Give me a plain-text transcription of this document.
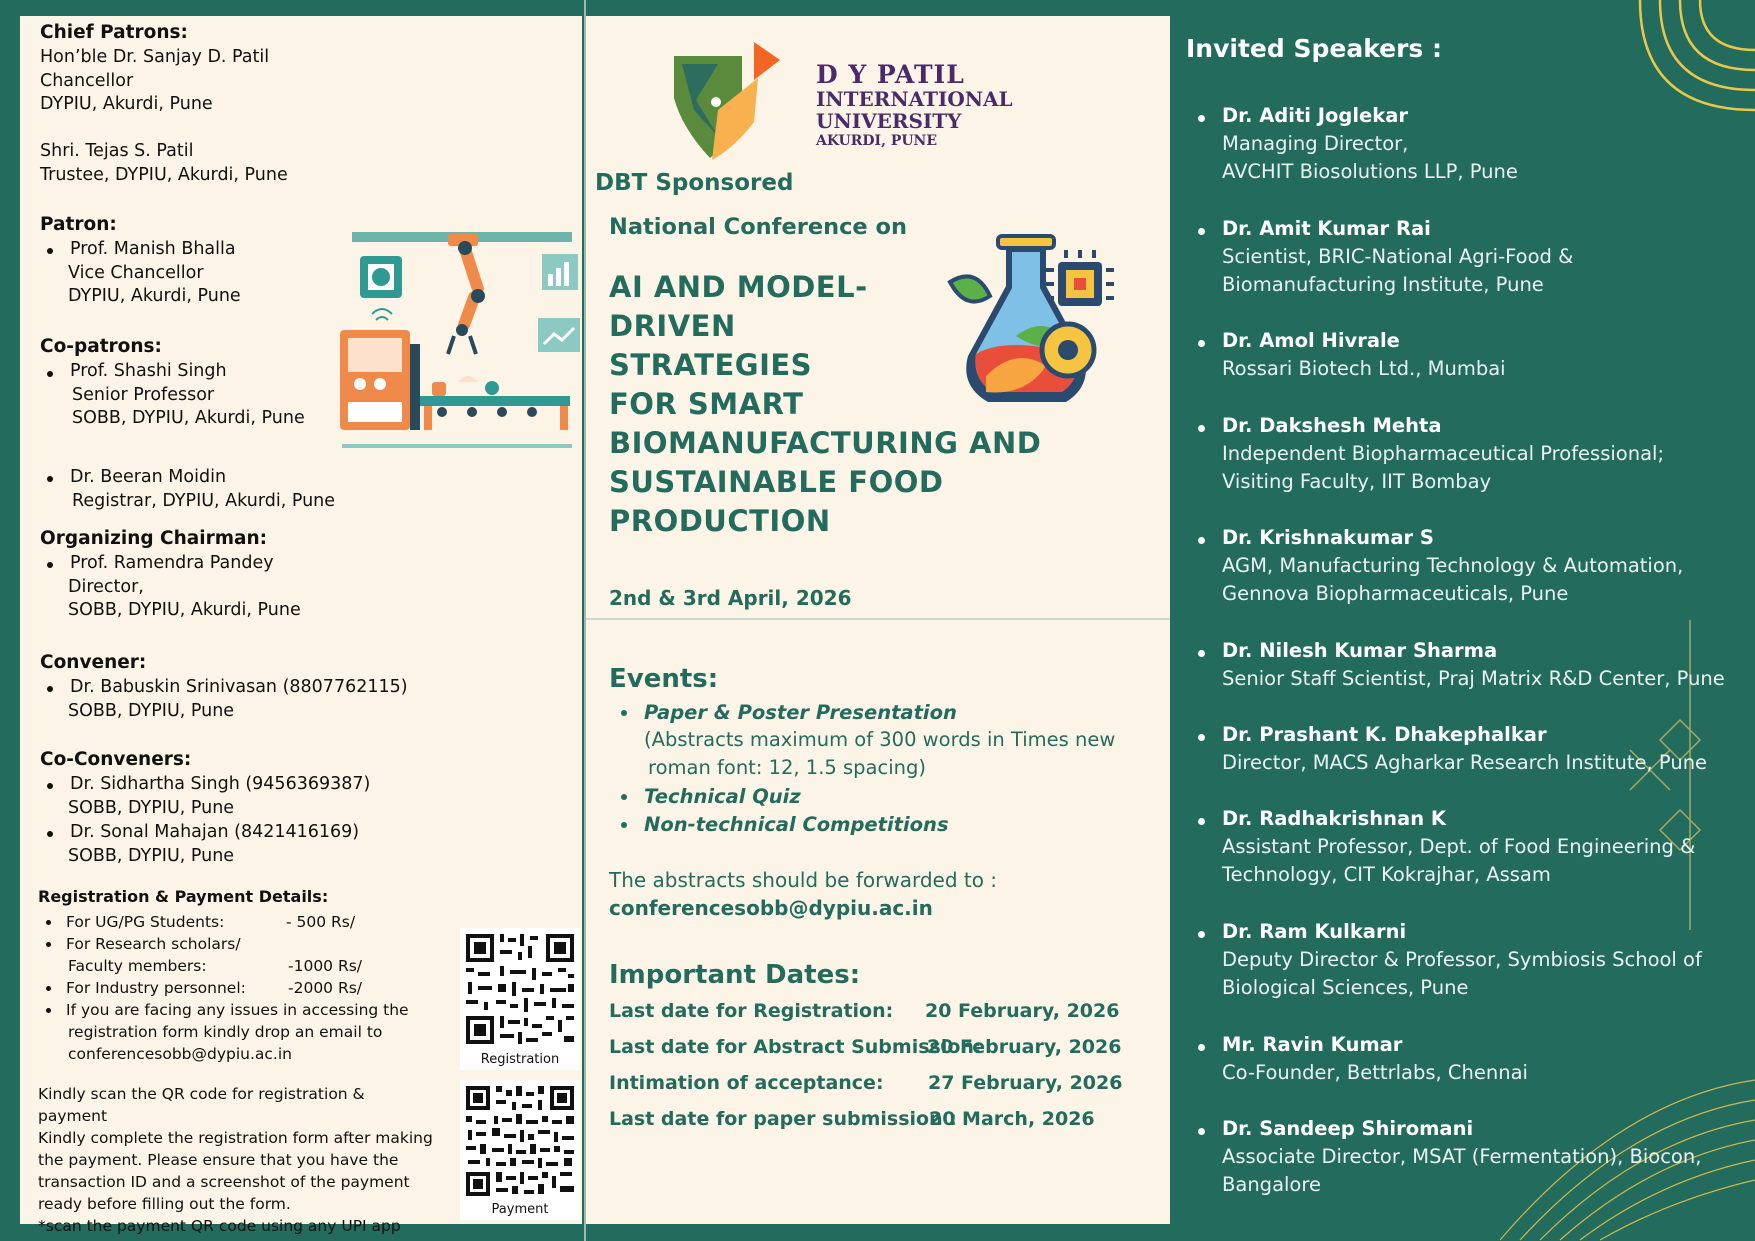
Chief Patrons:
Hon’ble Dr. Sanjay D. Patil
Chancellor
DYPIU, Akurdi, Pune
Shri. Tejas S. Patil
Trustee, DYPIU, Akurdi, Pune
Patron:
Prof. Manish Bhalla
Vice Chancellor
DYPIU, Akurdi, Pune
Co-patrons:
Prof. Shashi Singh
Senior Professor
SOBB, DYPIU, Akurdi, Pune
Dr. Beeran Moidin
Registrar, DYPIU, Akurdi, Pune
Organizing Chairman:
Prof. Ramendra Pandey
Director,
SOBB, DYPIU, Akurdi, Pune
Convener:
Dr. Babuskin Srinivasan (8807762115)
SOBB, DYPIU, Pune
Co-Conveners:
Dr. Sidhartha Singh (9456369387)
SOBB, DYPIU, Pune
Dr. Sonal Mahajan (8421416169)
SOBB, DYPIU, Pune
Registration & Payment Details:
For UG/PG Students:	- 500 Rs/
For Research scholars/
Faculty members:	-1000 Rs/
For Industry personnel:	-2000 Rs/
If you are facing any issues in accessing the
registration form kindly drop an email to
conferencesobb@dypiu.ac.in
Kindly scan the QR code for registration & payment
Kindly complete the registration form after making
the payment. Please ensure that you have the
transaction ID and a screenshot of the payment
ready before filling out the form.
*scan the payment QR code using any UPI app
Registration
Payment
D Y PATIL
INTERNATIONAL
UNIVERSITY
AKURDI, PUNE
DBT Sponsored
National Conference on
AI AND MODEL-
DRIVEN
STRATEGIES
FOR SMART
BIOMANUFACTURING AND
SUSTAINABLE FOOD
PRODUCTION
2nd & 3rd April, 2026
Events:
Paper & Poster Presentation
(Abstracts maximum of 300 words in Times new
roman font: 12, 1.5 spacing)
Technical Quiz
Non-technical Competitions
The abstracts should be forwarded to :
conferencesobb@dypiu.ac.in
Important Dates:
Last date for Registration: 20 February, 2026
Last date for Abstract Submission:
20 February, 2026
Intimation of acceptance: 27 February, 2026
Last date for paper submission :
20 March, 2026
Invited Speakers :
Dr. Aditi Joglekar
Managing Director,
AVCHIT Biosolutions LLP, Pune
Dr. Amit Kumar Rai
Scientist, BRIC-National Agri-Food &
Biomanufacturing Institute, Pune
Dr. Amol Hivrale
Rossari Biotech Ltd., Mumbai
Dr. Dakshesh Mehta
Independent Biopharmaceutical Professional;
Visiting Faculty, IIT Bombay
Dr. Krishnakumar S
AGM, Manufacturing Technology & Automation,
Gennova Biopharmaceuticals, Pune
Dr. Nilesh Kumar Sharma
Senior Staff Scientist, Praj Matrix R&D Center, Pune
Dr. Prashant K. Dhakephalkar
Director, MACS Agharkar Research Institute, Pune
Dr. Radhakrishnan K
Assistant Professor, Dept. of Food Engineering &
Technology, CIT Kokrajhar, Assam
Dr. Ram Kulkarni
Deputy Director & Professor, Symbiosis School of
Biological Sciences, Pune
Mr. Ravin Kumar
Co-Founder, Bettrlabs, Chennai
Dr. Sandeep Shiromani
Associate Director, MSAT (Fermentation), Biocon,
Bangalore
